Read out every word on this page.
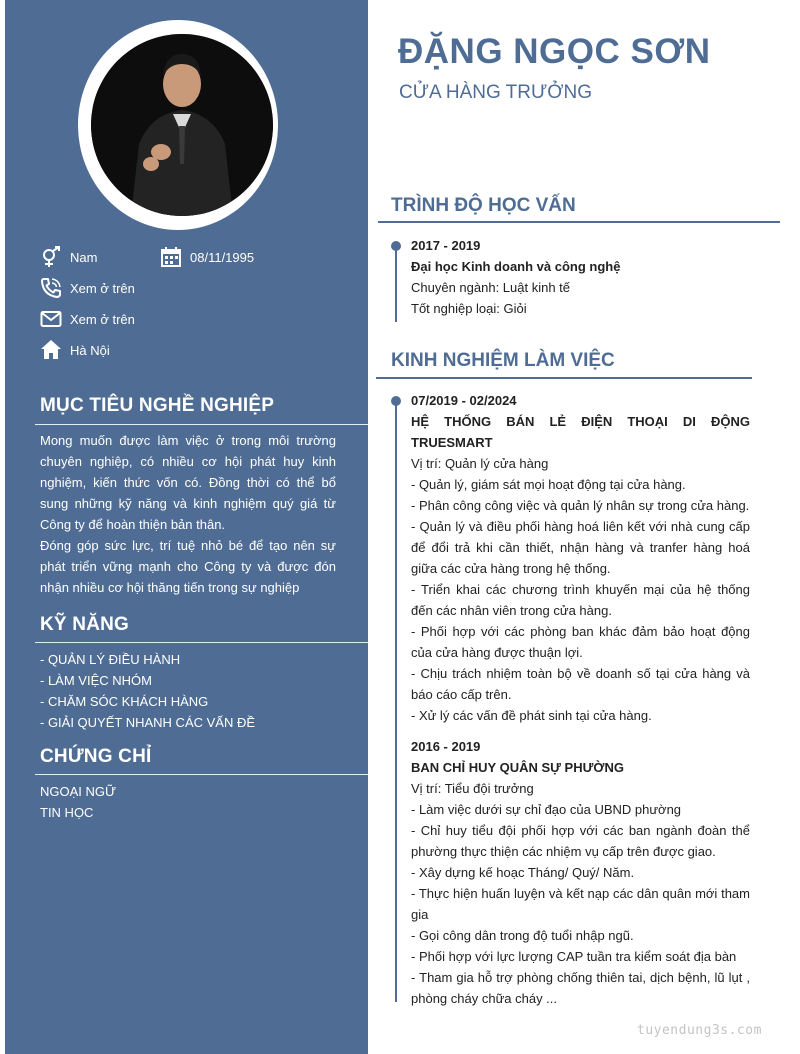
Nam	08/11/1995
Xem ở trên
Xem ở trên
Hà Nội
MỤC TIÊU NGHỀ NGHIỆP

Mong muốn được làm việc ở trong môi trường chuyên nghiệp, có nhiều cơ hội phát huy kinh nghiệm, kiến thức vốn có. Đồng thời có thể bổ sung những kỹ năng và kinh nghiệm quý giá từ Công ty để hoàn thiện bản thân.

Đóng góp sức lực, trí tuệ nhỏ bé để tạo nên sự phát triển vững mạnh cho Công ty và được đón nhận nhiều cơ hội thăng tiến trong sự nghiệp

KỸ NĂNG
- QUẢN LÝ ĐIỀU HÀNH
- LÀM VIỆC NHÓM
- CHĂM SÓC KHÁCH HÀNG
- GIẢI QUYẾT NHANH CÁC VẤN ĐỀ
CHỨNG CHỈ
NGOẠI NGỮ
TIN HỌC
ĐẶNG NGỌC SƠN
CỬA HÀNG TRƯỞNG
TRÌNH ĐỘ HỌC VẤN
2017 - 2019
Đại học Kinh doanh và công nghệ
Chuyên ngành: Luật kinh tế
Tốt nghiệp loại: Giỏi
KINH NGHIỆM LÀM VIỆC
07/2019 - 02/2024
HỆ THỐNG BÁN LẺ ĐIỆN THOẠI DI ĐỘNG TRUESMART
Vị trí: Quản lý cửa hàng
- Quản lý, giám sát mọi hoạt động tại cửa hàng.
- Phân công công việc và quản lý nhân sự trong cửa hàng.
- Quản lý và điều phối hàng hoá liên kết với nhà cung cấp để đổi trả khi cần thiết, nhận hàng và tranfer hàng hoá giữa các cửa hàng trong hệ thống.
- Triển khai các chương trình khuyến mại của hệ thống đến các nhân viên trong cửa hàng.
- Phối hợp với các phòng ban khác đảm bảo hoạt động của cửa hàng được thuận lợi.
- Chịu trách nhiệm toàn bộ về doanh số tại cửa hàng và báo cáo cấp trên.
- Xử lý các vấn đề phát sinh tại cửa hàng.
2016 - 2019
BAN CHỈ HUY QUÂN SỰ PHƯỜNG
Vị trí: Tiểu đội trưởng
- Làm việc dưới sự chỉ đạo của UBND phường
- Chỉ huy tiểu đội phối hợp với các ban ngành đoàn thể phường thực thiện các nhiệm vụ cấp trên được giao.
- Xây dựng kế hoạc Tháng/ Quý/ Năm.
- Thực hiện huấn luyện và kết nạp các dân quân mới tham gia
- Gọi công dân trong độ tuổi nhập ngũ.
- Phối hợp với lực lượng CAP tuần tra kiểm soát địa bàn
- Tham gia hỗ trợ phòng chống thiên tai, dịch bệnh, lũ lụt , phòng cháy chữa cháy ...
tuyendung3s.com
